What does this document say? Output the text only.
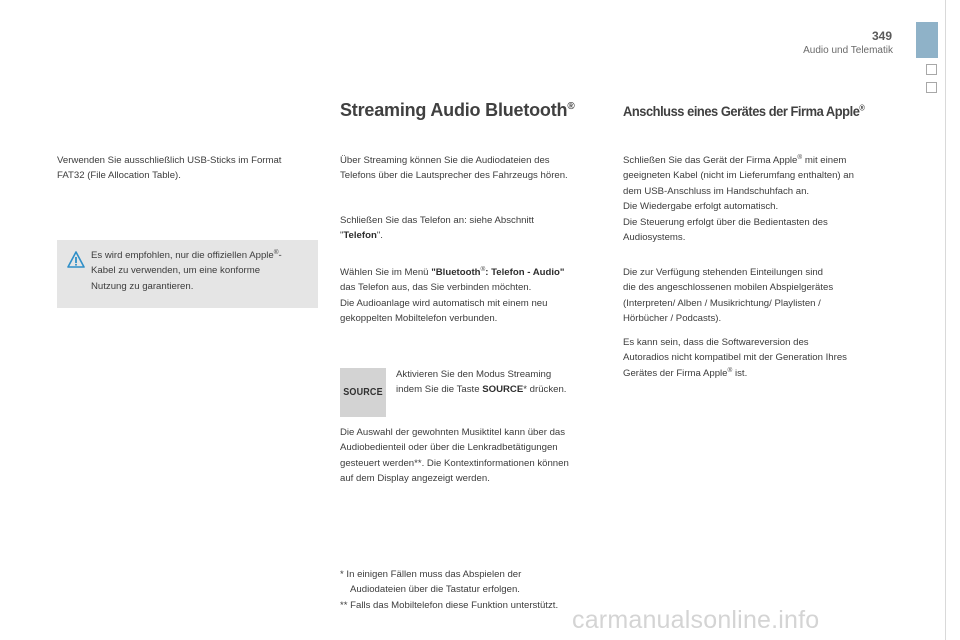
349
Audio und Telematik

Verwenden Sie ausschließlich USB-Sticks im Format

FAT32 (File Allocation Table).

Es wird empfohlen, nur die offiziellen Apple®-

Kabel zu verwenden, um eine konforme

Nutzung zu garantieren.

Streaming Audio Bluetooth®

Über Streaming können Sie die Audiodateien des

Telefons über die Lautsprecher des Fahrzeugs hören.

Schließen Sie das Telefon an: siehe Abschnitt

"Telefon".

Wählen Sie im Menü "Bluetooth®: Telefon - Audio"

das Telefon aus, das Sie verbinden möchten.

Die Audioanlage wird automatisch mit einem neu

gekoppelten Mobiltelefon verbunden.

SOURCE

Aktivieren Sie den Modus Streaming

indem Sie die Taste SOURCE* drücken.

Die Auswahl der gewohnten Musiktitel kann über das

Audiobedienteil oder über die Lenkradbetätigungen

gesteuert werden**. Die Kontextinformationen können

auf dem Display angezeigt werden.

* In einigen Fällen muss das Abspielen der

Audiodateien über die Tastatur erfolgen.

** Falls das Mobiltelefon diese Funktion unterstützt.

Anschluss eines Gerätes der Firma Apple®

Schließen Sie das Gerät der Firma Apple® mit einem

geeigneten Kabel (nicht im Lieferumfang enthalten) an

dem USB-Anschluss im Handschuhfach an.

Die Wiedergabe erfolgt automatisch.

Die Steuerung erfolgt über die Bedientasten des

Audiosystems.

Die zur Verfügung stehenden Einteilungen sind

die des angeschlossenen mobilen Abspielgerätes

(Interpreten/ Alben / Musikrichtung/ Playlisten /

Hörbücher / Podcasts).

Es kann sein, dass die Softwareversion des

Autoradios nicht kompatibel mit der Generation Ihres

Gerätes der Firma Apple® ist.

carmanualsonline.info
